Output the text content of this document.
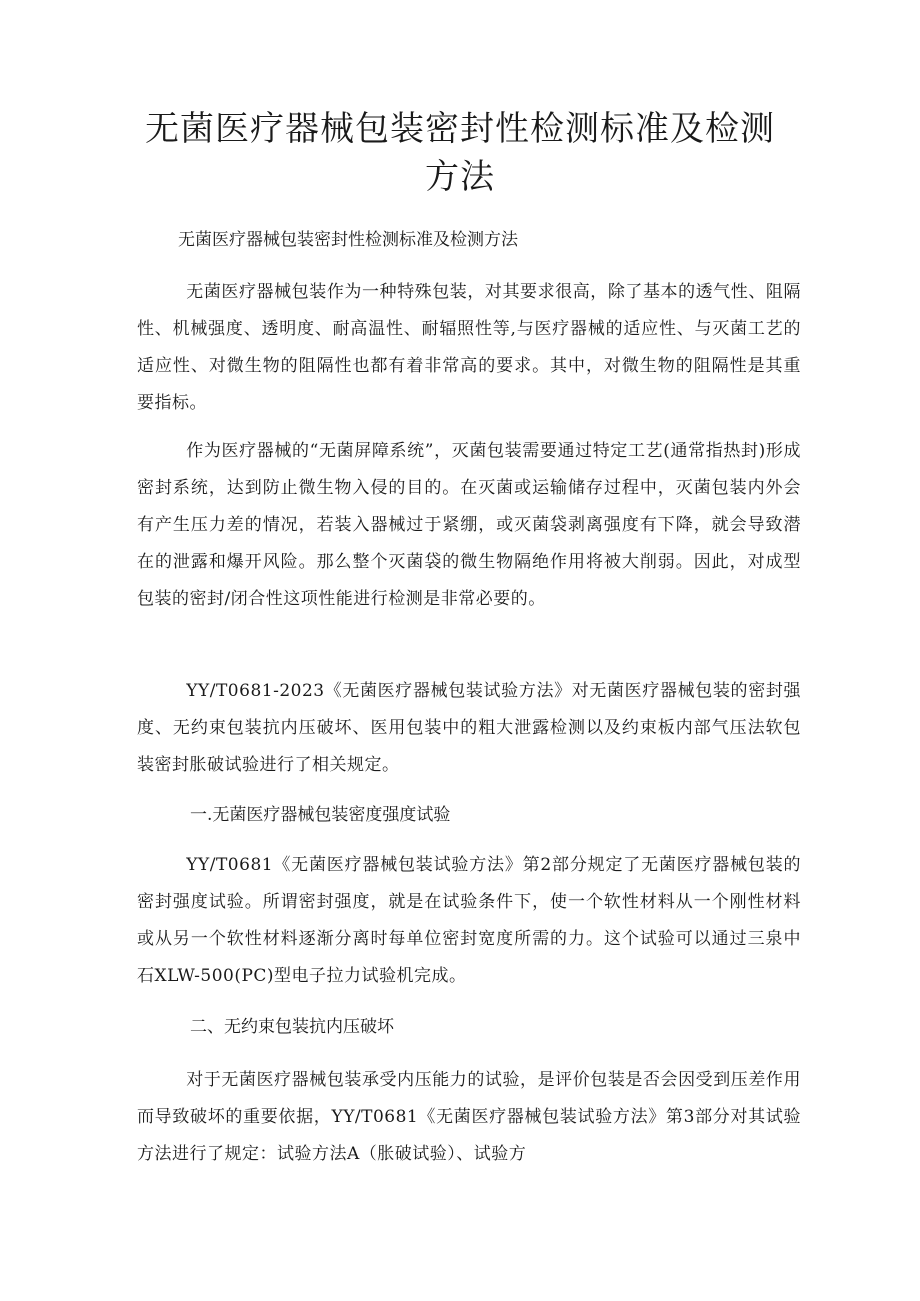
无菌医疗器械包装密封性检测标准及检测方法

无菌医疗器械包装密封性检测标准及检测方法

无菌医疗器械包装作为一种特殊包装，对其要求很高，除了基本的透气性、阻隔性、机械强度、透明度、耐高温性、耐辐照性等,与医疗器械的适应性、与灭菌工艺的适应性、对微生物的阻隔性也都有着非常高的要求。其中，对微生物的阻隔性是其重要指标。

作为医疗器械的“无菌屏障系统”，灭菌包装需要通过特定工艺(通常指热封)形成密封系统，达到防止微生物入侵的目的。在灭菌或运输储存过程中，灭菌包装内外会有产生压力差的情况，若装入器械过于紧绷，或灭菌袋剥离强度有下降，就会导致潜在的泄露和爆开风险。那么整个灭菌袋的微生物隔绝作用将被大削弱。因此，对成型包装的密封/闭合性这项性能进行检测是非常必要的。

YY/T0681-2023《无菌医疗器械包装试验方法》对无菌医疗器械包装的密封强度、无约束包装抗内压破坏、医用包装中的粗大泄露检测以及约束板内部气压法软包装密封胀破试验进行了相关规定。

一.无菌医疗器械包装密度强度试验

YY/T0681《无菌医疗器械包装试验方法》第2部分规定了无菌医疗器械包装的密封强度试验。所谓密封强度，就是在试验条件下，使一个软性材料从一个刚性材料或从另一个软性材料逐渐分离时每单位密封宽度所需的力。这个试验可以通过三泉中石XLW-500(PC)型电子拉力试验机完成。

二、无约束包装抗内压破坏

对于无菌医疗器械包装承受内压能力的试验，是评价包装是否会因受到压差作用而导致破坏的重要依据，YY/T0681《无菌医疗器械包装试验方法》第3部分对其试验方法进行了规定：试验方法A（胀破试验）、试验方
